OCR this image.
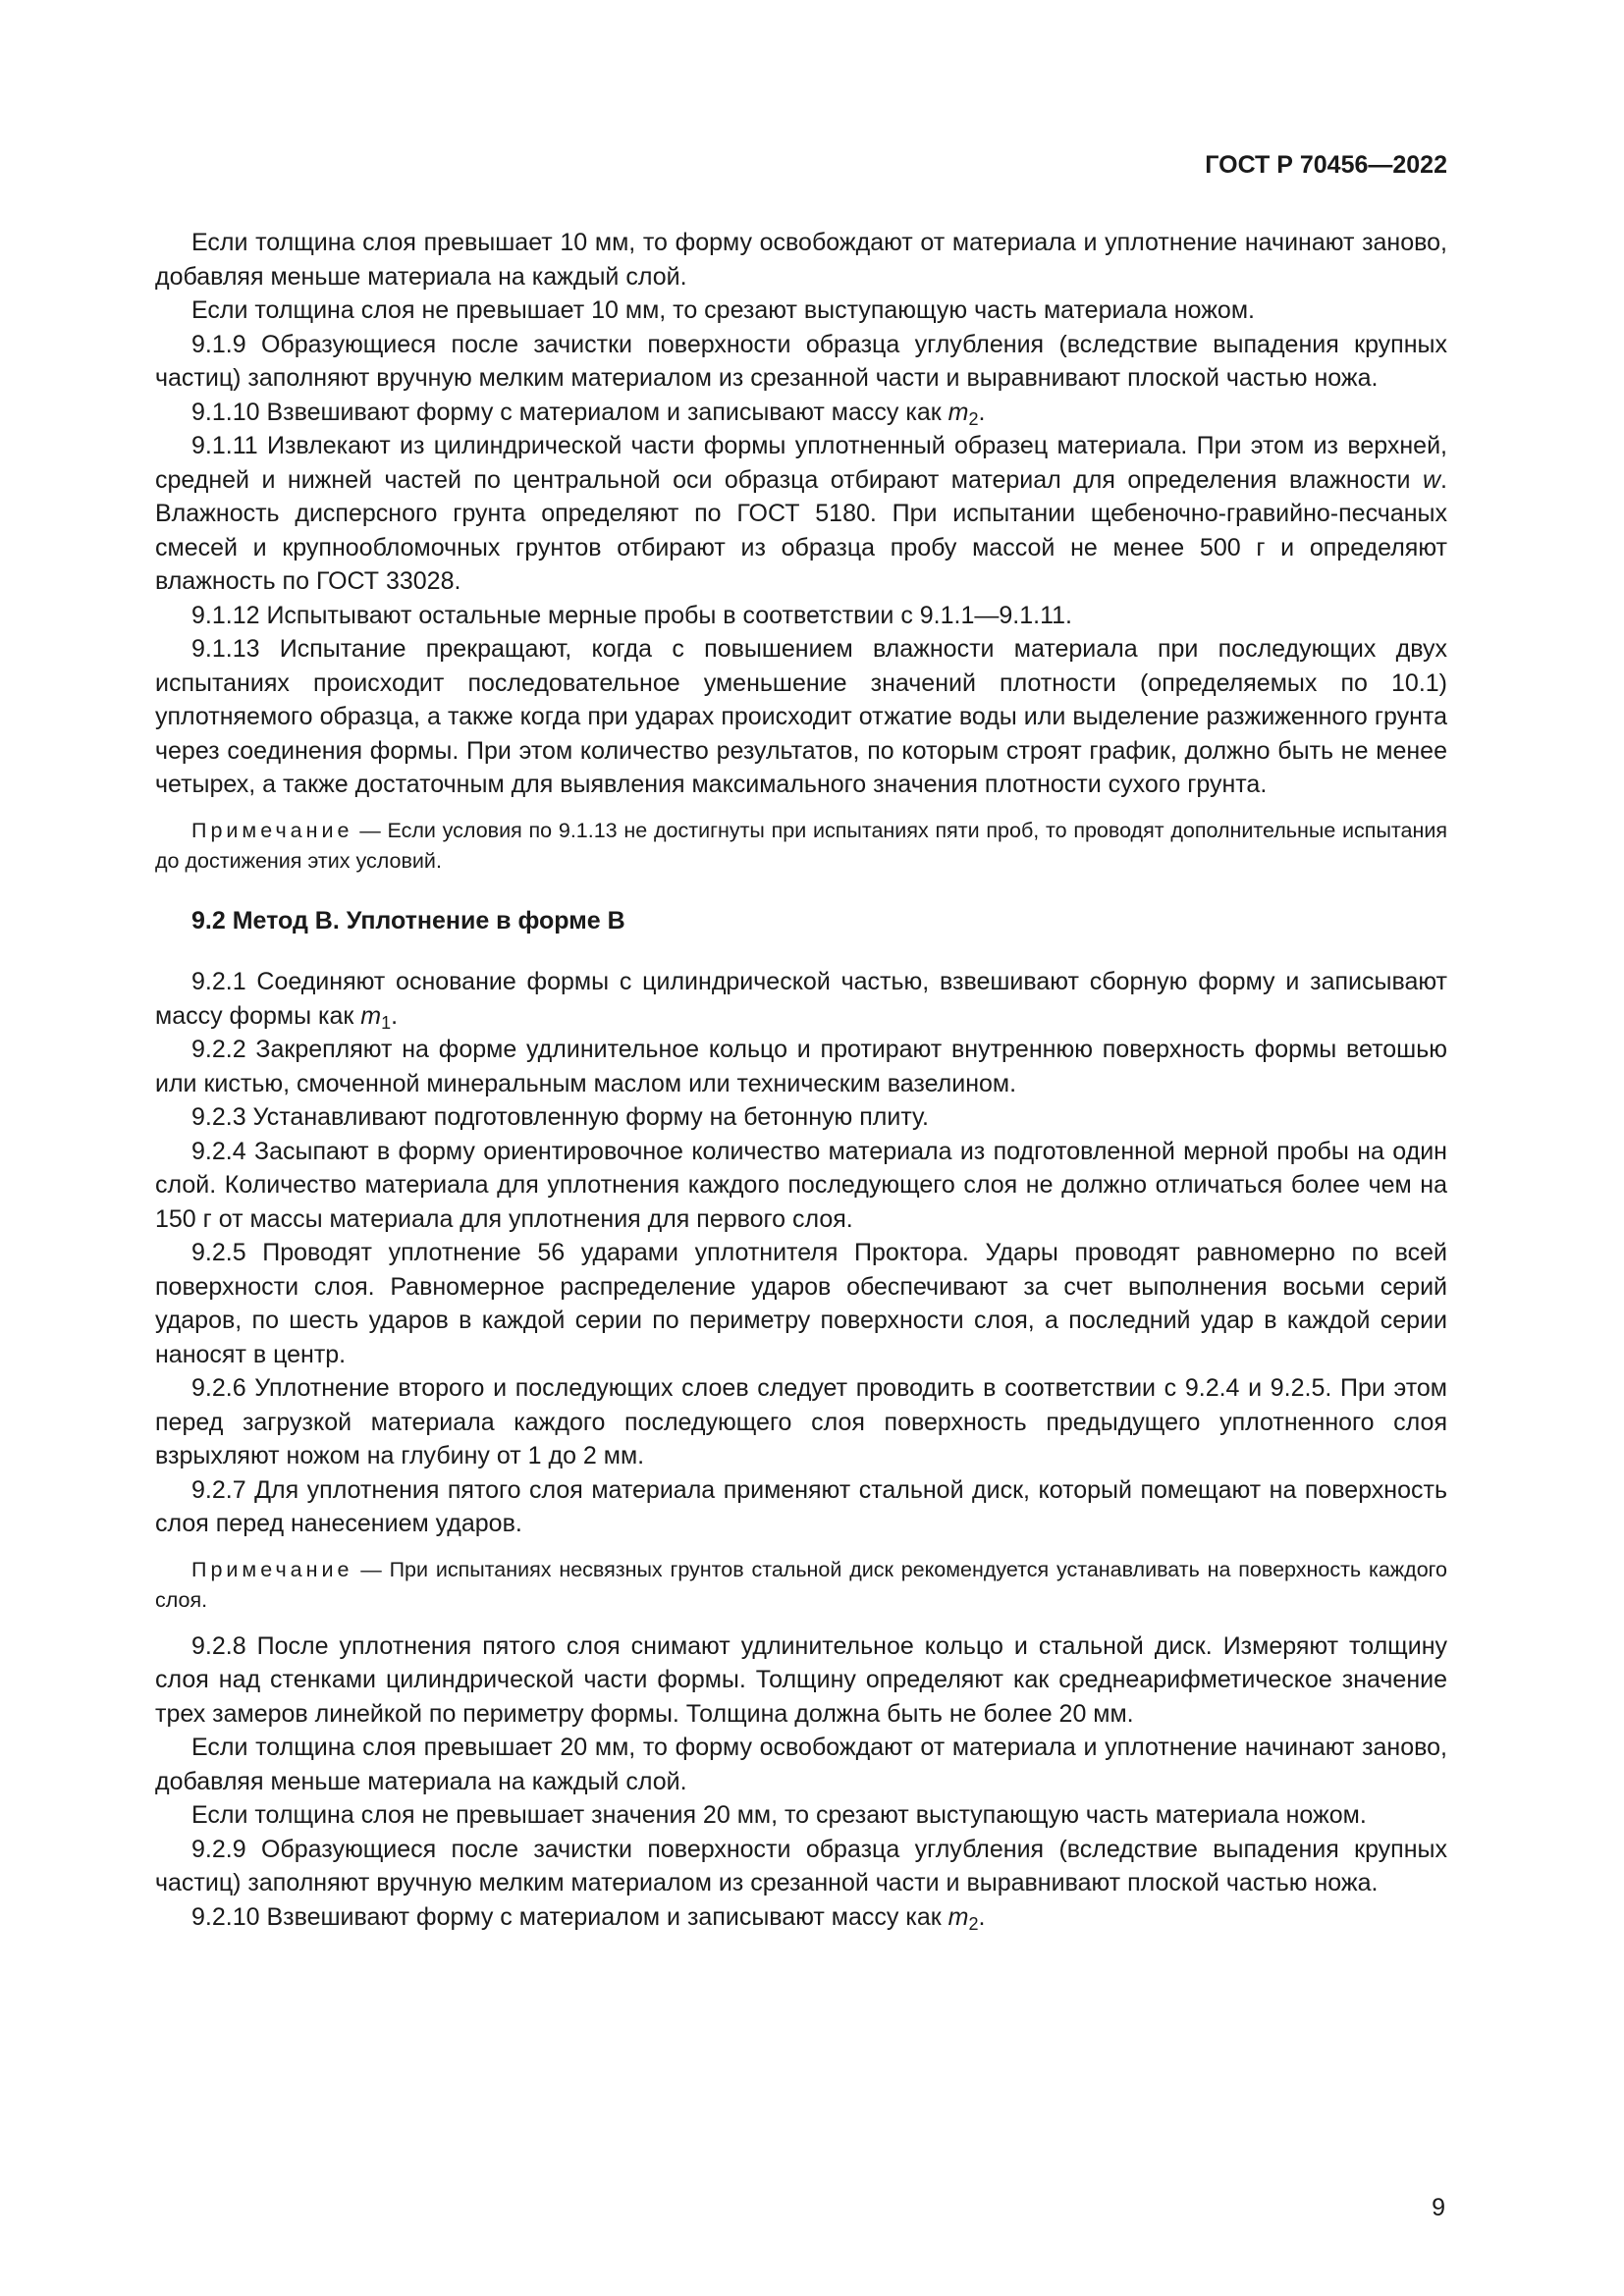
ГОСТ Р 70456—2022

Если толщина слоя превышает 10 мм, то форму освобождают от материала и уплотнение начинают заново, добавляя меньше материала на каждый слой.

Если толщина слоя не превышает 10 мм, то срезают выступающую часть материала ножом.

9.1.9 Образующиеся после зачистки поверхности образца углубления (вследствие выпадения крупных частиц) заполняют вручную мелким материалом из срезанной части и выравнивают плоской частью ножа.

9.1.10 Взвешивают форму с материалом и записывают массу как $m_2$.

9.1.11 Извлекают из цилиндрической части формы уплотненный образец материала. При этом из верхней, средней и нижней частей по центральной оси образца отбирают материал для определения влажности w. Влажность дисперсного грунта определяют по ГОСТ 5180. При испытании щебеночно-гравийно-песчаных смесей и крупнообломочных грунтов отбирают из образца пробу массой не менее 500 г и определяют влажность по ГОСТ 33028.

9.1.12 Испытывают остальные мерные пробы в соответствии с 9.1.1—9.1.11.

9.1.13 Испытание прекращают, когда с повышением влажности материала при последующих двух испытаниях происходит последовательное уменьшение значений плотности (определяемых по 10.1) уплотняемого образца, а также когда при ударах происходит отжатие воды или выделение разжиженного грунта через соединения формы. При этом количество результатов, по которым строят график, должно быть не менее четырех, а также достаточным для выявления максимального значения плотности сухого грунта.

Примечание — Если условия по 9.1.13 не достигнуты при испытаниях пяти проб, то проводят дополнительные испытания до достижения этих условий.

9.2 Метод В. Уплотнение в форме В

9.2.1 Соединяют основание формы с цилиндрической частью, взвешивают сборную форму и записывают массу формы как $m_1$.

9.2.2 Закрепляют на форме удлинительное кольцо и протирают внутреннюю поверхность формы ветошью или кистью, смоченной минеральным маслом или техническим вазелином.

9.2.3 Устанавливают подготовленную форму на бетонную плиту.

9.2.4 Засыпают в форму ориентировочное количество материала из подготовленной мерной пробы на один слой. Количество материала для уплотнения каждого последующего слоя не должно отличаться более чем на 150 г от массы материала для уплотнения для первого слоя.

9.2.5 Проводят уплотнение 56 ударами уплотнителя Проктора. Удары проводят равномерно по всей поверхности слоя. Равномерное распределение ударов обеспечивают за счет выполнения восьми серий ударов, по шесть ударов в каждой серии по периметру поверхности слоя, а последний удар в каждой серии наносят в центр.

9.2.6 Уплотнение второго и последующих слоев следует проводить в соответствии с 9.2.4 и 9.2.5. При этом перед загрузкой материала каждого последующего слоя поверхность предыдущего уплотненного слоя взрыхляют ножом на глубину от 1 до 2 мм.

9.2.7 Для уплотнения пятого слоя материала применяют стальной диск, который помещают на поверхность слоя перед нанесением ударов.

Примечание — При испытаниях несвязных грунтов стальной диск рекомендуется устанавливать на поверхность каждого слоя.

9.2.8 После уплотнения пятого слоя снимают удлинительное кольцо и стальной диск. Измеряют толщину слоя над стенками цилиндрической части формы. Толщину определяют как среднеарифметическое значение трех замеров линейкой по периметру формы. Толщина должна быть не более 20 мм.

Если толщина слоя превышает 20 мм, то форму освобождают от материала и уплотнение начинают заново, добавляя меньше материала на каждый слой.

Если толщина слоя не превышает значения 20 мм, то срезают выступающую часть материала ножом.

9.2.9 Образующиеся после зачистки поверхности образца углубления (вследствие выпадения крупных частиц) заполняют вручную мелким материалом из срезанной части и выравнивают плоской частью ножа.

9.2.10 Взвешивают форму с материалом и записывают массу как $m_2$.

9
